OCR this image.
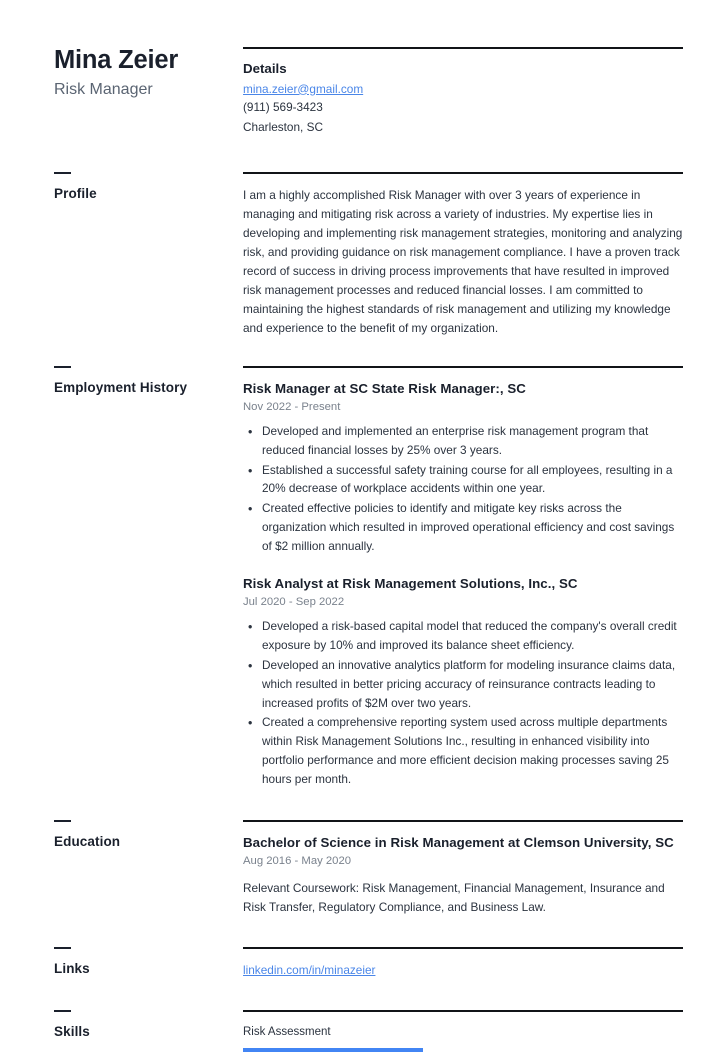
Mina Zeier
Risk Manager
Details
mina.zeier@gmail.com
(911) 569-3423
Charleston, SC
Profile	I am a highly accomplished Risk Manager with over 3 years of experience in managing and mitigating risk across a variety of industries. My expertise lies in developing and implementing risk management strategies, monitoring and analyzing risk, and providing guidance on risk management compliance. I have a proven track record of success in driving process improvements that have resulted in improved risk management processes and reduced financial losses. I am committed to maintaining the highest standards of risk management and utilizing my knowledge and experience to the benefit of my organization.
Employment History	Risk Manager at SC State Risk Manager:, SC
Nov 2022 - Present
• Developed and implemented an enterprise risk management program that reduced financial losses by 25% over 3 years.
• Established a successful safety training course for all employees, resulting in a 20% decrease of workplace accidents within one year.
• Created effective policies to identify and mitigate key risks across the organization which resulted in improved operational efficiency and cost savings of $2 million annually.
Risk Analyst at Risk Management Solutions, Inc., SC
Jul 2020 - Sep 2022
• Developed a risk-based capital model that reduced the company's overall credit exposure by 10% and improved its balance sheet efficiency.
• Developed an innovative analytics platform for modeling insurance claims data, which resulted in better pricing accuracy of reinsurance contracts leading to increased profits of $2M over two years.
• Created a comprehensive reporting system used across multiple departments within Risk Management Solutions Inc., resulting in enhanced visibility into portfolio performance and more efficient decision making processes saving 25 hours per month.
Education	Bachelor of Science in Risk Management at Clemson University, SC
Aug 2016 - May 2020
Relevant Coursework: Risk Management, Financial Management, Insurance and Risk Transfer, Regulatory Compliance, and Business Law.
Links	linkedin.com/in/minazeier
Skills	Risk Assessment
